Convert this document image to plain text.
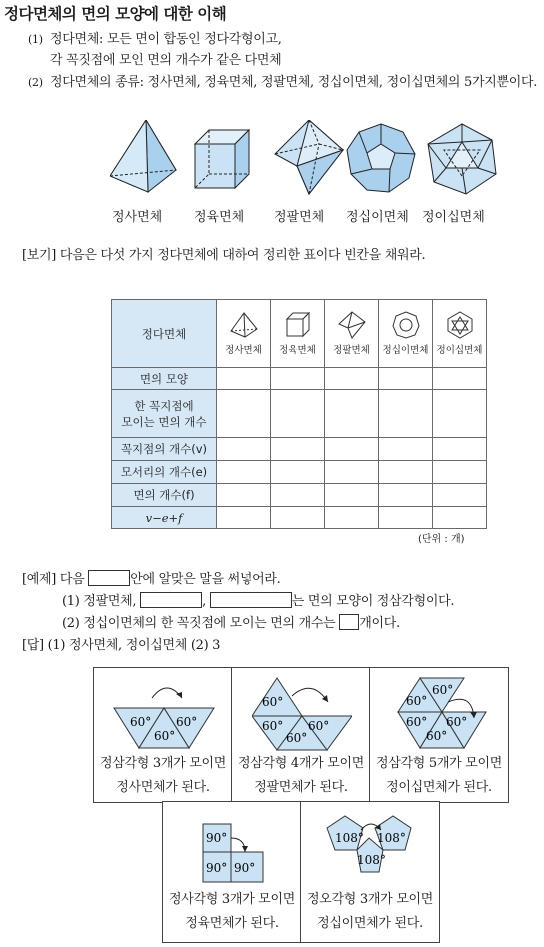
정다면체의 면의 모양에 대한 이해
(1) 정다면체: 모든 면이 합동인 정다각형이고,
각 꼭짓점에 모인 면의 개수가 같은 다면체
(2) 정다면체의 종류: 정사면체, 정육면체, 정팔면체, 정십이면체, 정이십면체의 5가지뿐이다.
정사면체 정육면체 정팔면체 정십이면체 정이십면체
[보기] 다음은 다섯 가지 정다면체에 대하여 정리한 표이다 빈칸을 채워라.
정다면체	정사면체	정육면체	정팔면체	정십이면체	정이십면체

면의 모양					

한 꼭지점에
모이는 면의 개수					

꼭지점의 개수(v)					
모서리의 개수(e)					
면의 개수(f)					
v−e+f					
(단위 : 개)
[예제] 다음	안에 알맞은 말을 써넣어라.
(1) 정팔면체,	,	는 면의 모양이 정삼각형이다.
(2) 정십이면체의 한 꼭짓점에 모이는 면의 개수는 개이다.
[답] (1) 정사면체, 정이십면체 (2) 3
60° 60°
60°
정삼각형 3개가 모이면
정사면체가 된다.
60°
60° 60°
60°
정삼각형 4개가 모이면
정팔면체가 된다.
60°
60°
60° 60°
60°
정삼각형 5개가 모이면
정이십면체가 된다.
90°
90° 90°
정사각형 3개가 모이면
정육면체가 된다.
108° 108°
108°
정오각형 3개가 모이면
정십이면체가 된다.
